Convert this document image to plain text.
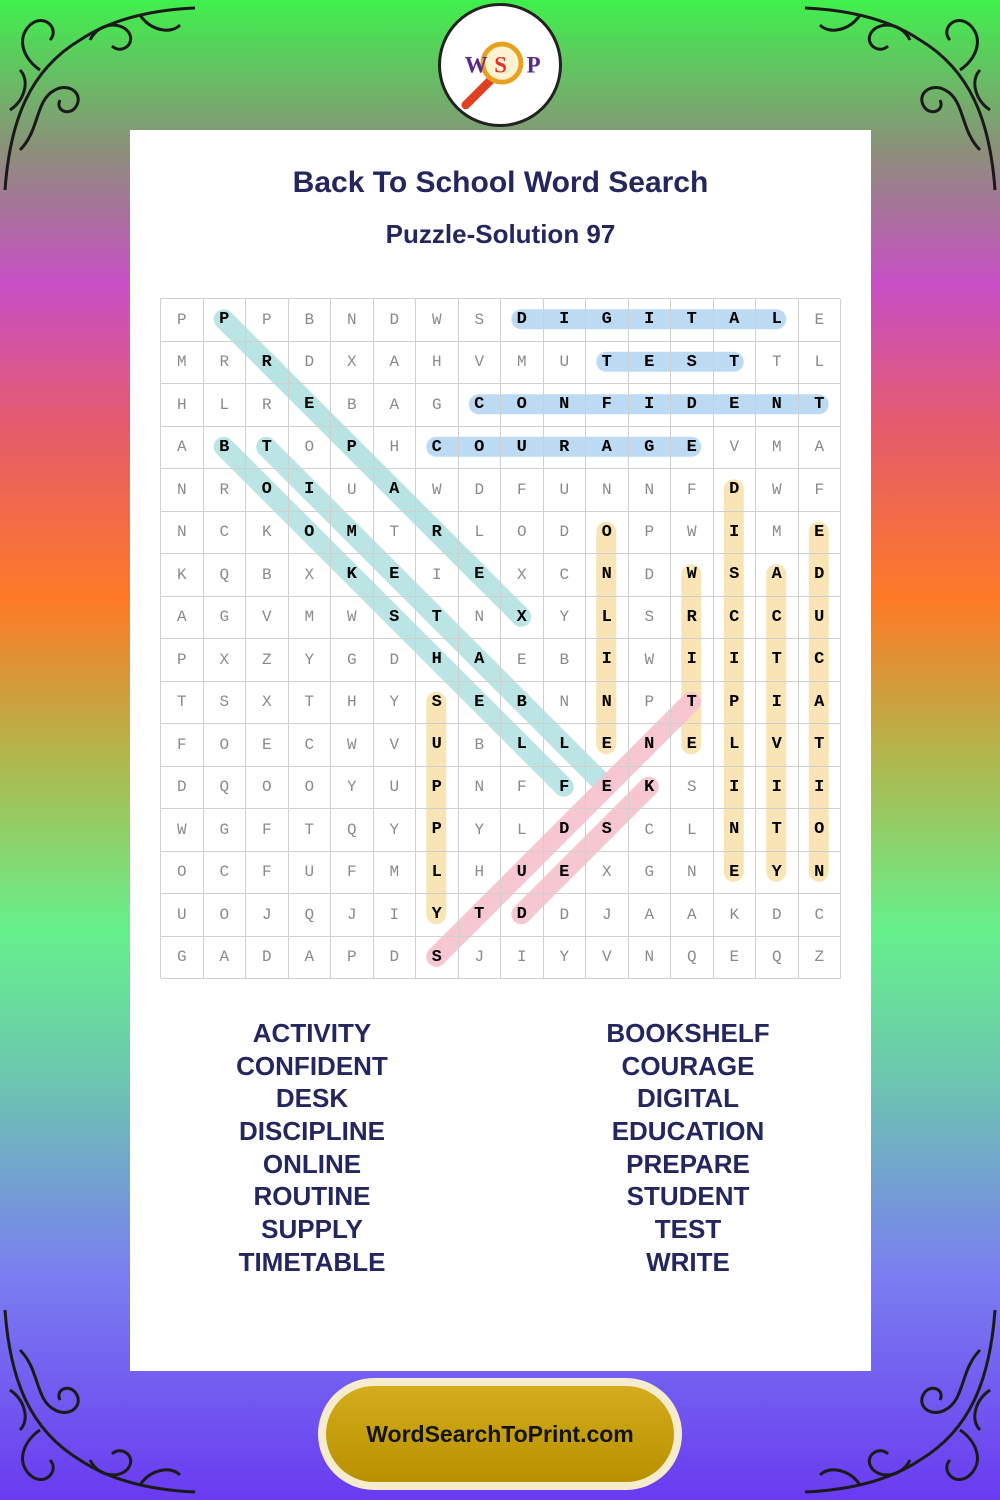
W S P
Back To School Word Search
Puzzle-Solution 97
P	P	P	B	N	D	W	S	D	I	G	I	T	A	L	E
M	R	R	D	X	A	H	V	M	U	T	E	S	T	T	L
H	L	R	E	B	A	G	C	O	N	F	I	D	E	N	T
A	B	T	O	P	H	C	O	U	R	A	G	E	V	M	A
N	R	O	I	U	A	W	D	F	U	N	N	F	D	W	F
N	C	K	O	M	T	R	L	O	D	O	P	W	I	M	E
K	Q	B	X	K	E	I	E	X	C	N	D	W	S	A	D
A	G	V	M	W	S	T	N	X	Y	L	S	R	C	C	U
P	X	Z	Y	G	D	H	A	E	B	I	W	I	I	T	C
T	S	X	T	H	Y	S	E	B	N	N	P	T	P	I	A
F	O	E	C	W	V	U	B	L	L	E	N	E	L	V	T
D	Q	O	O	Y	U	P	N	F	F	E	K	S	I	I	I
W	G	F	T	Q	Y	P	Y	L	D	S	C	L	N	T	O
O	C	F	U	F	M	L	H	U	E	X	G	N	E	Y	N
U	O	J	Q	J	I	Y	T	D	D	J	A	A	K	D	C
G	A	D	A	P	D	S	J	I	Y	V	N	Q	E	Q	Z
ACTIVITY
CONFIDENT
DESK
DISCIPLINE
ONLINE
ROUTINE
SUPPLY
TIMETABLE
BOOKSHELF
COURAGE
DIGITAL
EDUCATION
PREPARE
STUDENT
TEST
WRITE
WordSearchToPrint.com
